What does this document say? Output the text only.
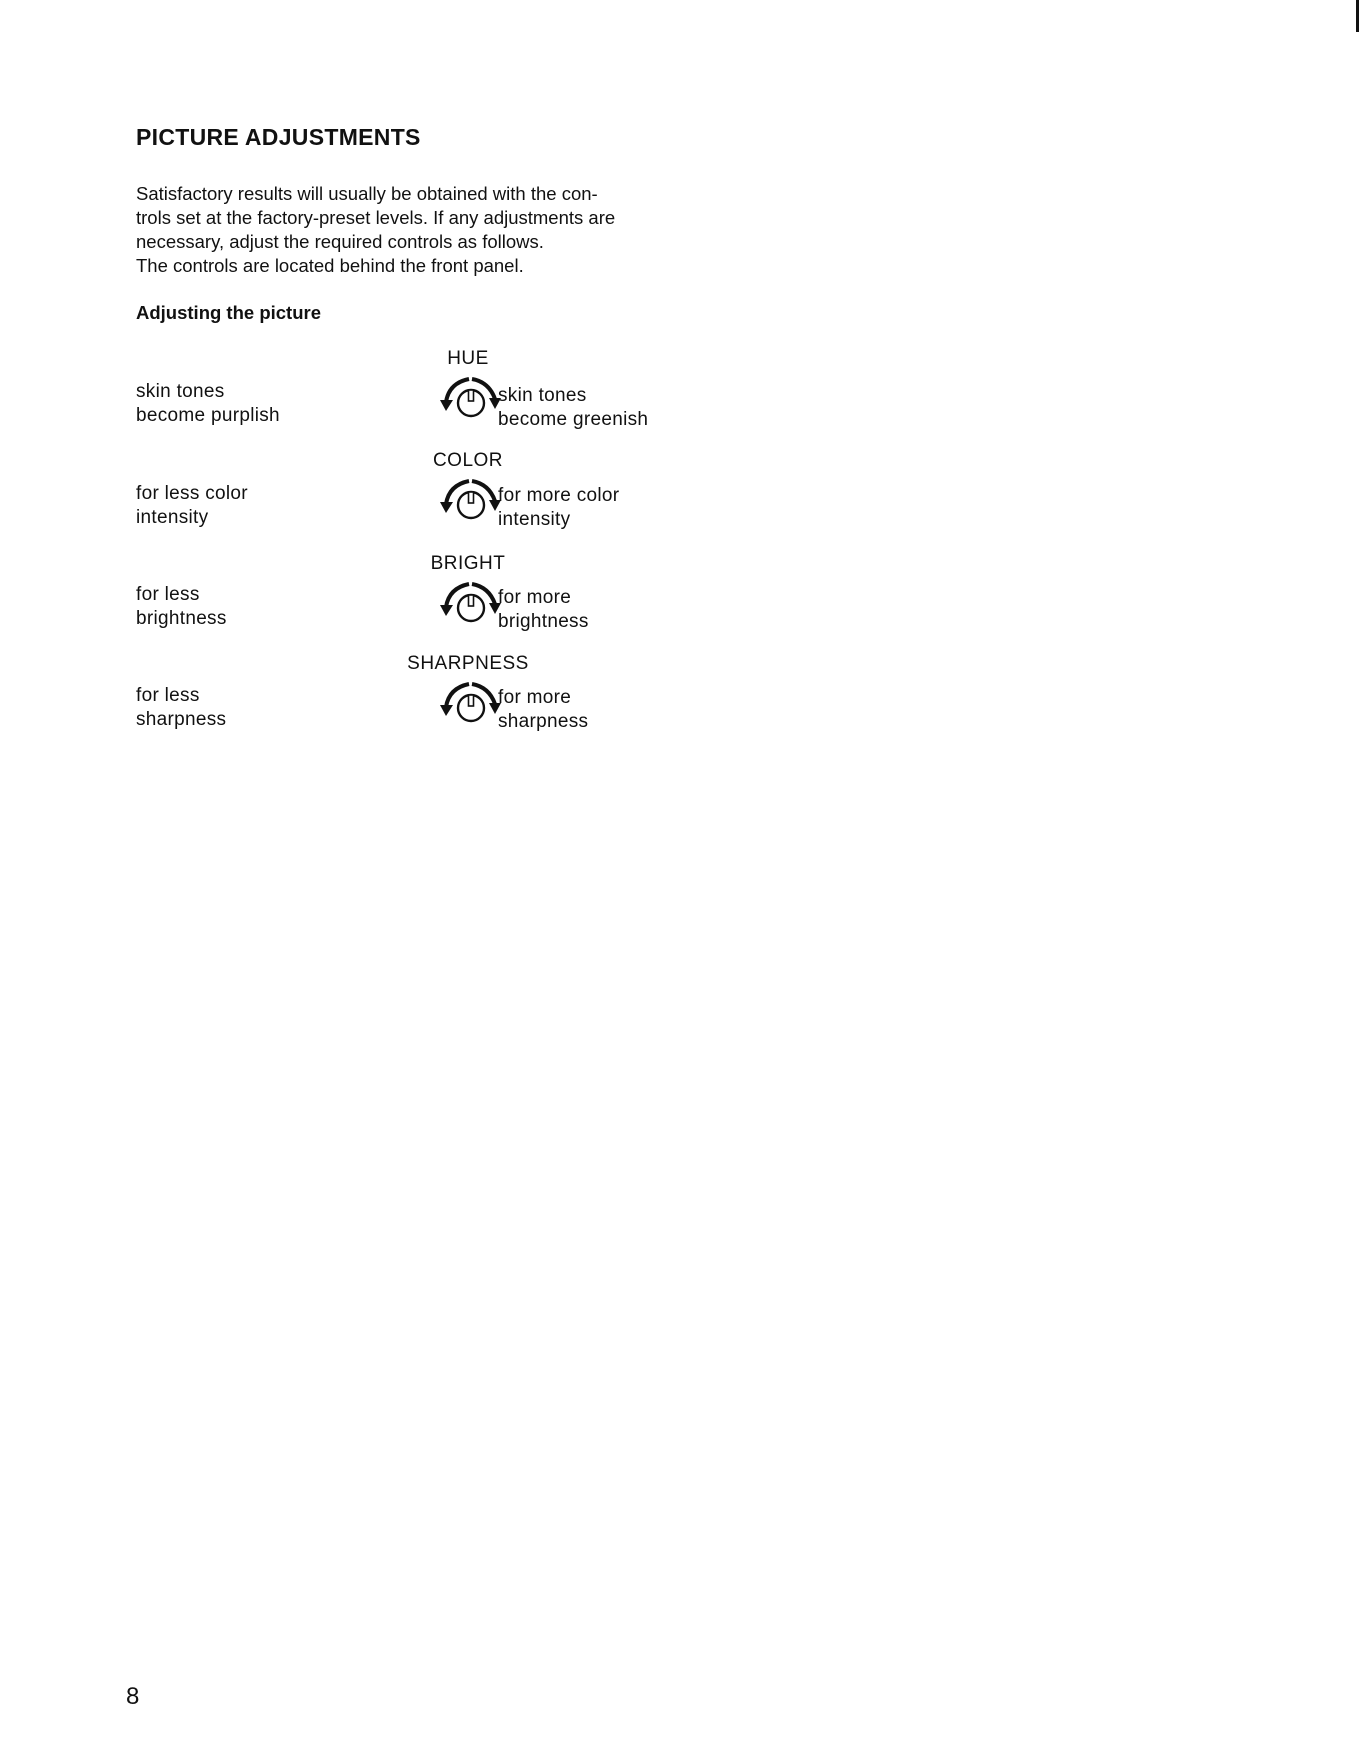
PICTURE ADJUSTMENTS

Satisfactory results will usually be obtained with the con-

trols set at the factory-preset levels. If any adjustments are

necessary, adjust the required controls as follows.

The controls are located behind the front panel.

Adjusting the picture
HUE
skin tones
become purplish
skin tones
become greenish
COLOR
for less color
intensity
for more color
intensity
BRIGHT
for less
brightness
for more
brightness
SHARPNESS
for less
sharpness
for more
sharpness
8
